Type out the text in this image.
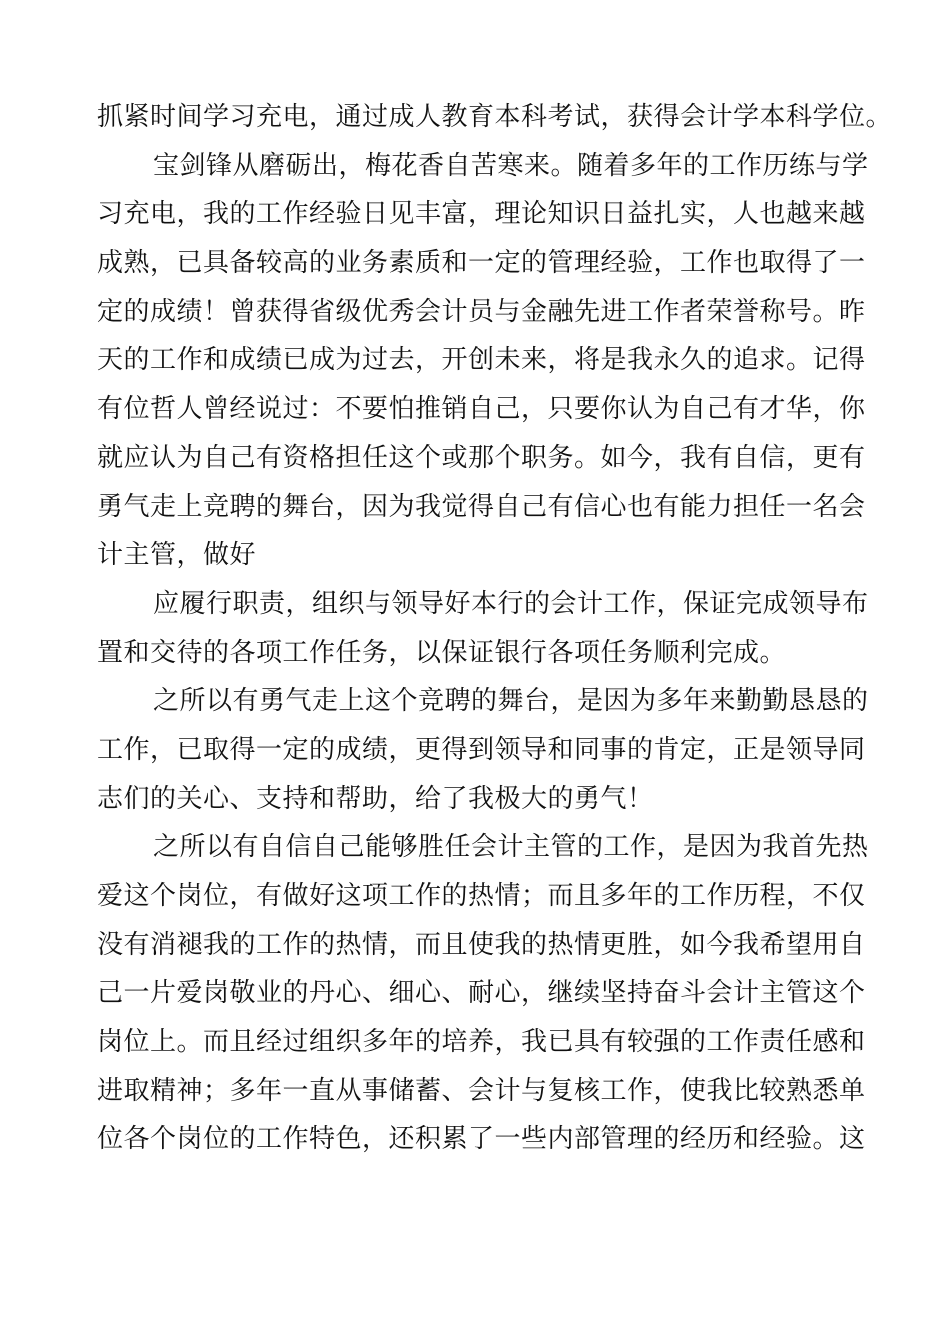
抓紧时间学习充电，通过成人教育本科考试，获得会计学本科学位。
宝剑锋从磨砺出，梅花香自苦寒来。随着多年的工作历练与学
习充电，我的工作经验日见丰富，理论知识日益扎实，人也越来越
成熟，已具备较高的业务素质和一定的管理经验，工作也取得了一
定的成绩！曾获得省级优秀会计员与金融先进工作者荣誉称号。昨
天的工作和成绩已成为过去，开创未来，将是我永久的追求。记得
有位哲人曾经说过：不要怕推销自己，只要你认为自己有才华，你
就应认为自己有资格担任这个或那个职务。如今，我有自信，更有
勇气走上竞聘的舞台，因为我觉得自己有信心也有能力担任一名会
计主管，做好
应履行职责，组织与领导好本行的会计工作，保证完成领导布
置和交待的各项工作任务，以保证银行各项任务顺利完成。
之所以有勇气走上这个竞聘的舞台，是因为多年来勤勤恳恳的
工作，已取得一定的成绩，更得到领导和同事的肯定，正是领导同
志们的关心、支持和帮助，给了我极大的勇气！
之所以有自信自己能够胜任会计主管的工作，是因为我首先热
爱这个岗位，有做好这项工作的热情；而且多年的工作历程，不仅
没有消褪我的工作的热情，而且使我的热情更胜，如今我希望用自
己一片爱岗敬业的丹心、细心、耐心，继续坚持奋斗会计主管这个
岗位上。而且经过组织多年的培养，我已具有较强的工作责任感和
进取精神；多年一直从事储蓄、会计与复核工作，使我比较熟悉单
位各个岗位的工作特色，还积累了一些内部管理的经历和经验。这
